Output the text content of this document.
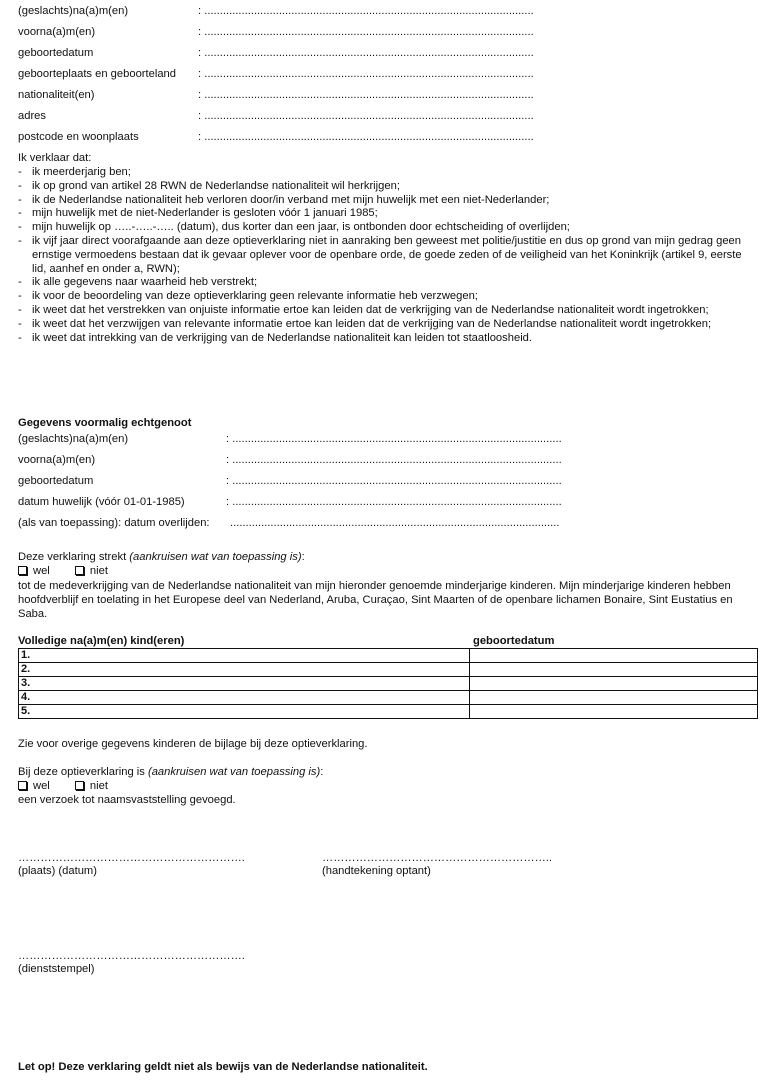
(geslachts)na(a)m(en)	: ..........................................................................................................
voorna(a)m(en)	: ..........................................................................................................
geboortedatum	: ..........................................................................................................
geboorteplaats en geboorteland : ..........................................................................................................
nationaliteit(en)	: ..........................................................................................................
adres	: ..........................................................................................................
postcode en woonplaats	: ..........................................................................................................
Ik verklaar dat:
- ik meerderjarig ben;
- ik op grond van artikel 28 RWN de Nederlandse nationaliteit wil herkrijgen;
- ik de Nederlandse nationaliteit heb verloren door/in verband met mijn huwelijk met een niet-Nederlander;
- mijn huwelijk met de niet-Nederlander is gesloten vóór 1 januari 1985;
- mijn huwelijk op …..-…..-….. (datum), dus korter dan een jaar, is ontbonden door echtscheiding of overlijden;
- ik vijf jaar direct voorafgaande aan deze optieverklaring niet in aanraking ben geweest met politie/justitie en dus op grond van mijn gedrag geen ernstige vermoedens bestaan dat ik gevaar oplever voor de openbare orde, de goede zeden of de veiligheid van het Koninkrijk (artikel 9, eerste lid, aanhef en onder a, RWN);
- ik alle gegevens naar waarheid heb verstrekt;
- ik voor de beoordeling van deze optieverklaring geen relevante informatie heb verzwegen;
- ik weet dat het verstrekken van onjuiste informatie ertoe kan leiden dat de verkrijging van de Nederlandse nationaliteit wordt ingetrokken;
- ik weet dat het verzwijgen van relevante informatie ertoe kan leiden dat de verkrijging van de Nederlandse nationaliteit wordt ingetrokken;
- ik weet dat intrekking van de verkrijging van de Nederlandse nationaliteit kan leiden tot staatloosheid.
Gegevens voormalig echtgenoot
(geslachts)na(a)m(en)	: ..........................................................................................................
voorna(a)m(en)	: ..........................................................................................................
geboortedatum	: ..........................................................................................................
datum huwelijk (vóór 01-01-1985)	: ..........................................................................................................
(als van toepassing): datum overlijden: ..........................................................................................................
Deze verklaring strekt (aankruisen wat van toepassing is):
wel	niet
tot de medeverkrijging van de Nederlandse nationaliteit van mijn hieronder genoemde minderjarige kinderen. Mijn minderjarige kinderen hebben hoofdverblijf en toelating in het Europese deel van Nederland, Aruba, Curaçao, Sint Maarten of de openbare lichamen Bonaire, Sint Eustatius en Saba.
Volledige na(a)m(en) kind(eren)	geboortedatum
1.	
2.	
3.	
4.	
5.	
Zie voor overige gegevens kinderen de bijlage bij deze optieverklaring.
Bij deze optieverklaring is (aankruisen wat van toepassing is):
wel	niet
een verzoek tot naamsvaststelling gevoegd.
…………………………………………………….
(plaats) (datum)
……………………………………………………..
(handtekening optant)
…………………………………………………….
(dienststempel)
Let op! Deze verklaring geldt niet als bewijs van de Nederlandse nationaliteit.
